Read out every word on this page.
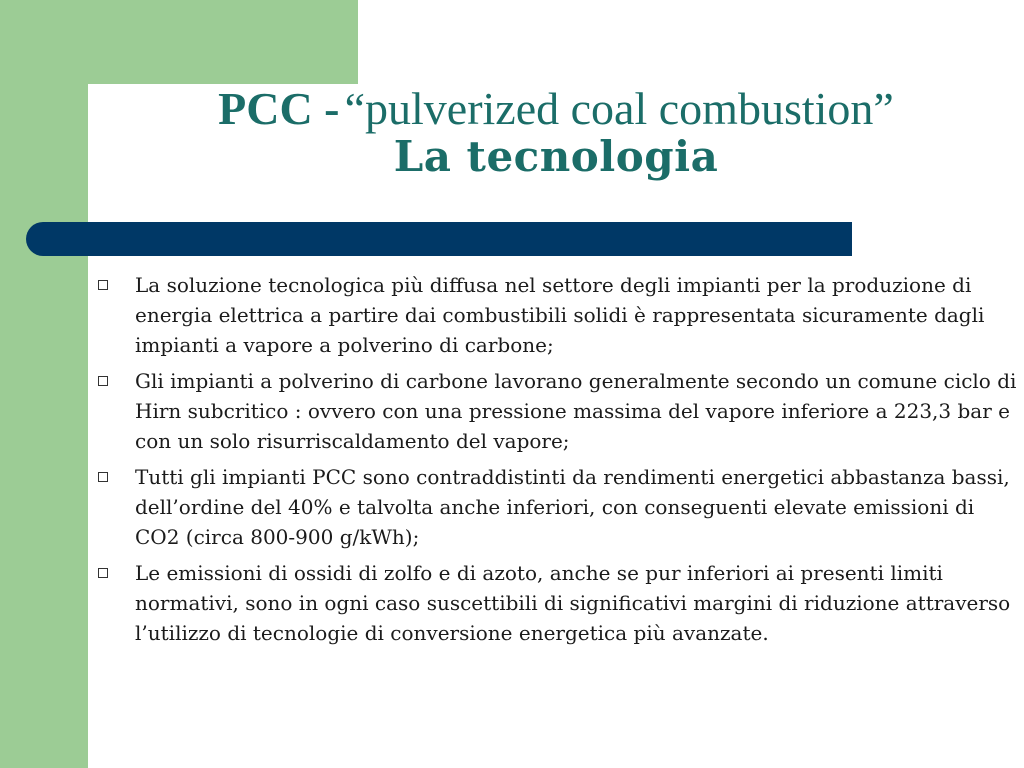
PCC - “pulverized coal combustion”
La tecnologia
La soluzione tecnologica più diffusa nel settore degli impianti per la produzione di energia elettrica a partire dai combustibili solidi è rappresentata sicuramente dagli impianti a vapore a polverino di carbone;
Gli impianti a polverino di carbone lavorano generalmente secondo un comune ciclo di Hirn subcritico : ovvero con una pressione massima del vapore inferiore a 223,3 bar e con un solo risurriscaldamento del vapore;
Tutti gli impianti PCC sono contraddistinti da rendimenti energetici abbastanza bassi, dell’ordine del 40% e talvolta anche inferiori, con conseguenti elevate emissioni di CO2 (circa 800-900 g/kWh);
Le emissioni di ossidi di zolfo e di azoto, anche se pur inferiori ai presenti limiti normativi, sono in ogni caso suscettibili di significativi margini di riduzione attraverso l’utilizzo di tecnologie di conversione energetica più avanzate.
